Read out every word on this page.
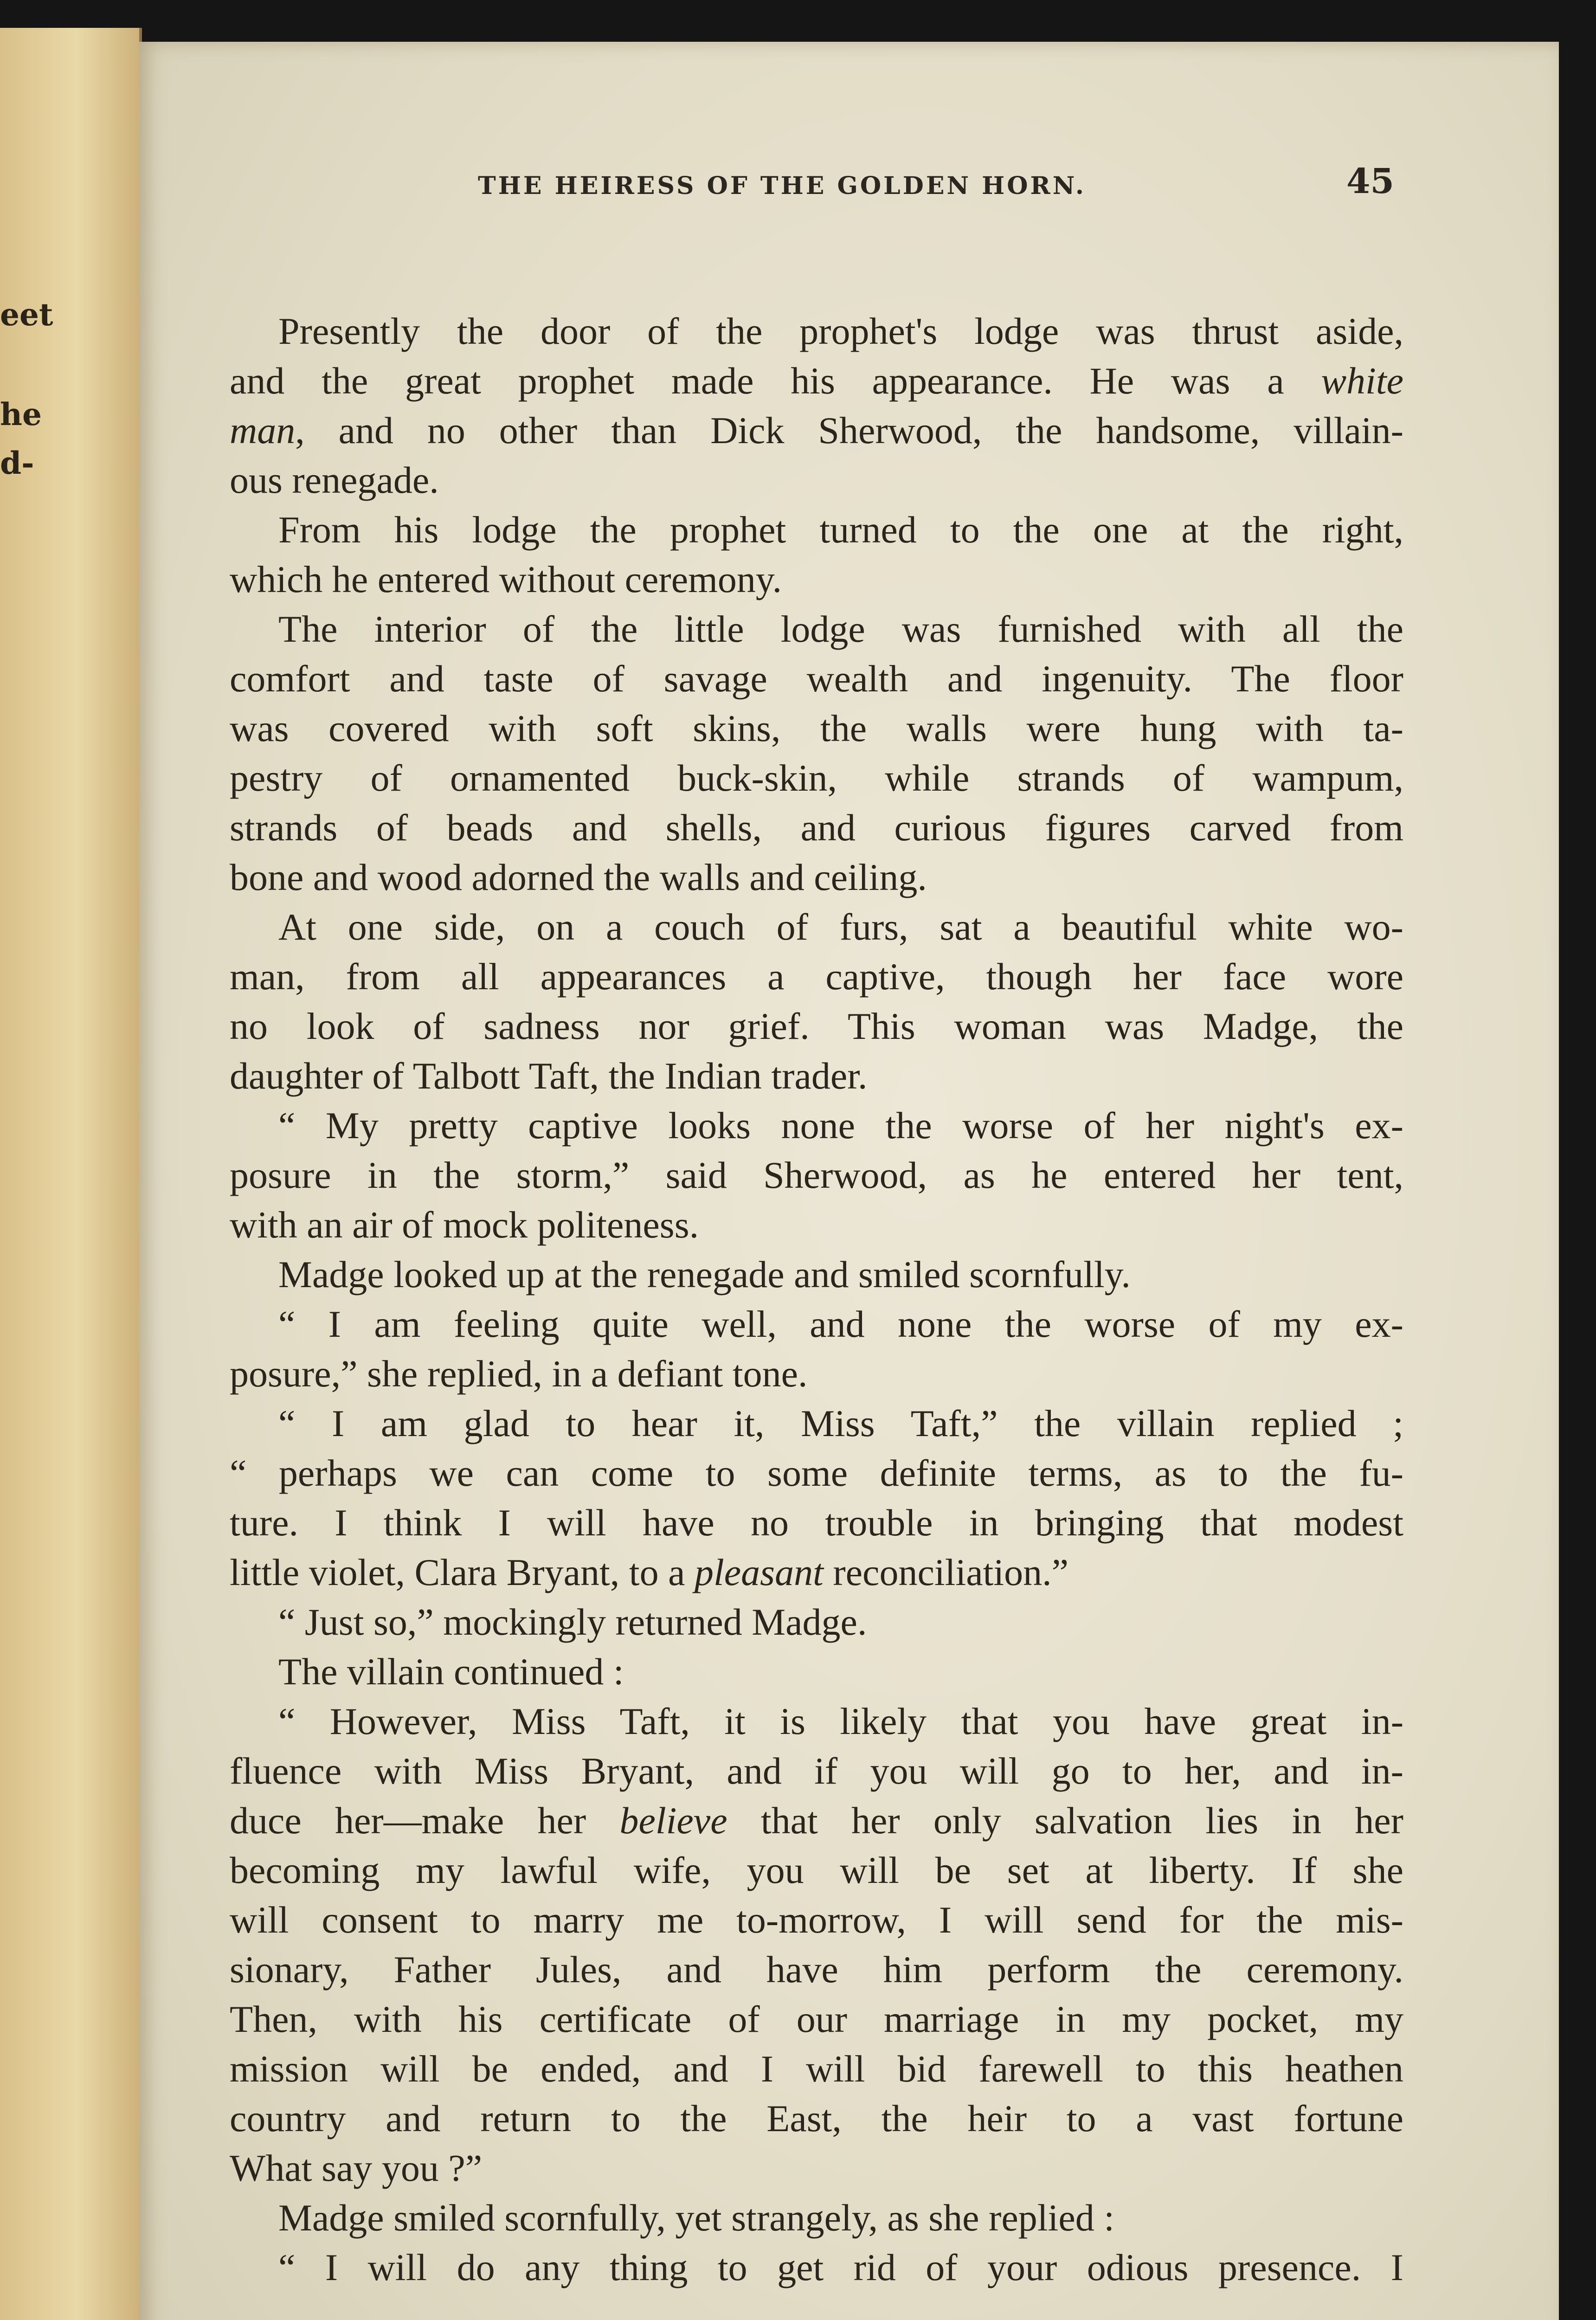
eet
he
d-
THE HEIRESS OF THE GOLDEN HORN.	45
Presently the door of the prophet's lodge was thrust aside,
and the great prophet made his appearance. He was a white
man, and no other than Dick Sherwood, the handsome, villain-
ous renegade.
From his lodge the prophet turned to the one at the right,
which he entered without ceremony.
The interior of the little lodge was furnished with all the
comfort and taste of savage wealth and ingenuity. The floor
was covered with soft skins, the walls were hung with ta-
pestry of ornamented buck-skin, while strands of wampum,
strands of beads and shells, and curious figures carved from
bone and wood adorned the walls and ceiling.
At one side, on a couch of furs, sat a beautiful white wo-
man, from all appearances a captive, though her face wore
no look of sadness nor grief. This woman was Madge, the
daughter of Talbott Taft, the Indian trader.
“ My pretty captive looks none the worse of her night's ex-
posure in the storm,” said Sherwood, as he entered her tent,
with an air of mock politeness.
Madge looked up at the renegade and smiled scornfully.
“ I am feeling quite well, and none the worse of my ex-
posure,” she replied, in a defiant tone.
“ I am glad to hear it, Miss Taft,” the villain replied ;
“ perhaps we can come to some definite terms, as to the fu-
ture. I think I will have no trouble in bringing that modest
little violet, Clara Bryant, to a pleasant reconciliation.”
“ Just so,” mockingly returned Madge.
The villain continued :
“ However, Miss Taft, it is likely that you have great in-
fluence with Miss Bryant, and if you will go to her, and in-
duce her—make her believe that her only salvation lies in her
becoming my lawful wife, you will be set at liberty. If she
will consent to marry me to-morrow, I will send for the mis-
sionary, Father Jules, and have him perform the ceremony.
Then, with his certificate of our marriage in my pocket, my
mission will be ended, and I will bid farewell to this heathen
country and return to the East, the heir to a vast fortune
What say you ?”
Madge smiled scornfully, yet strangely, as she replied :
“ I will do any thing to get rid of your odious presence. I
